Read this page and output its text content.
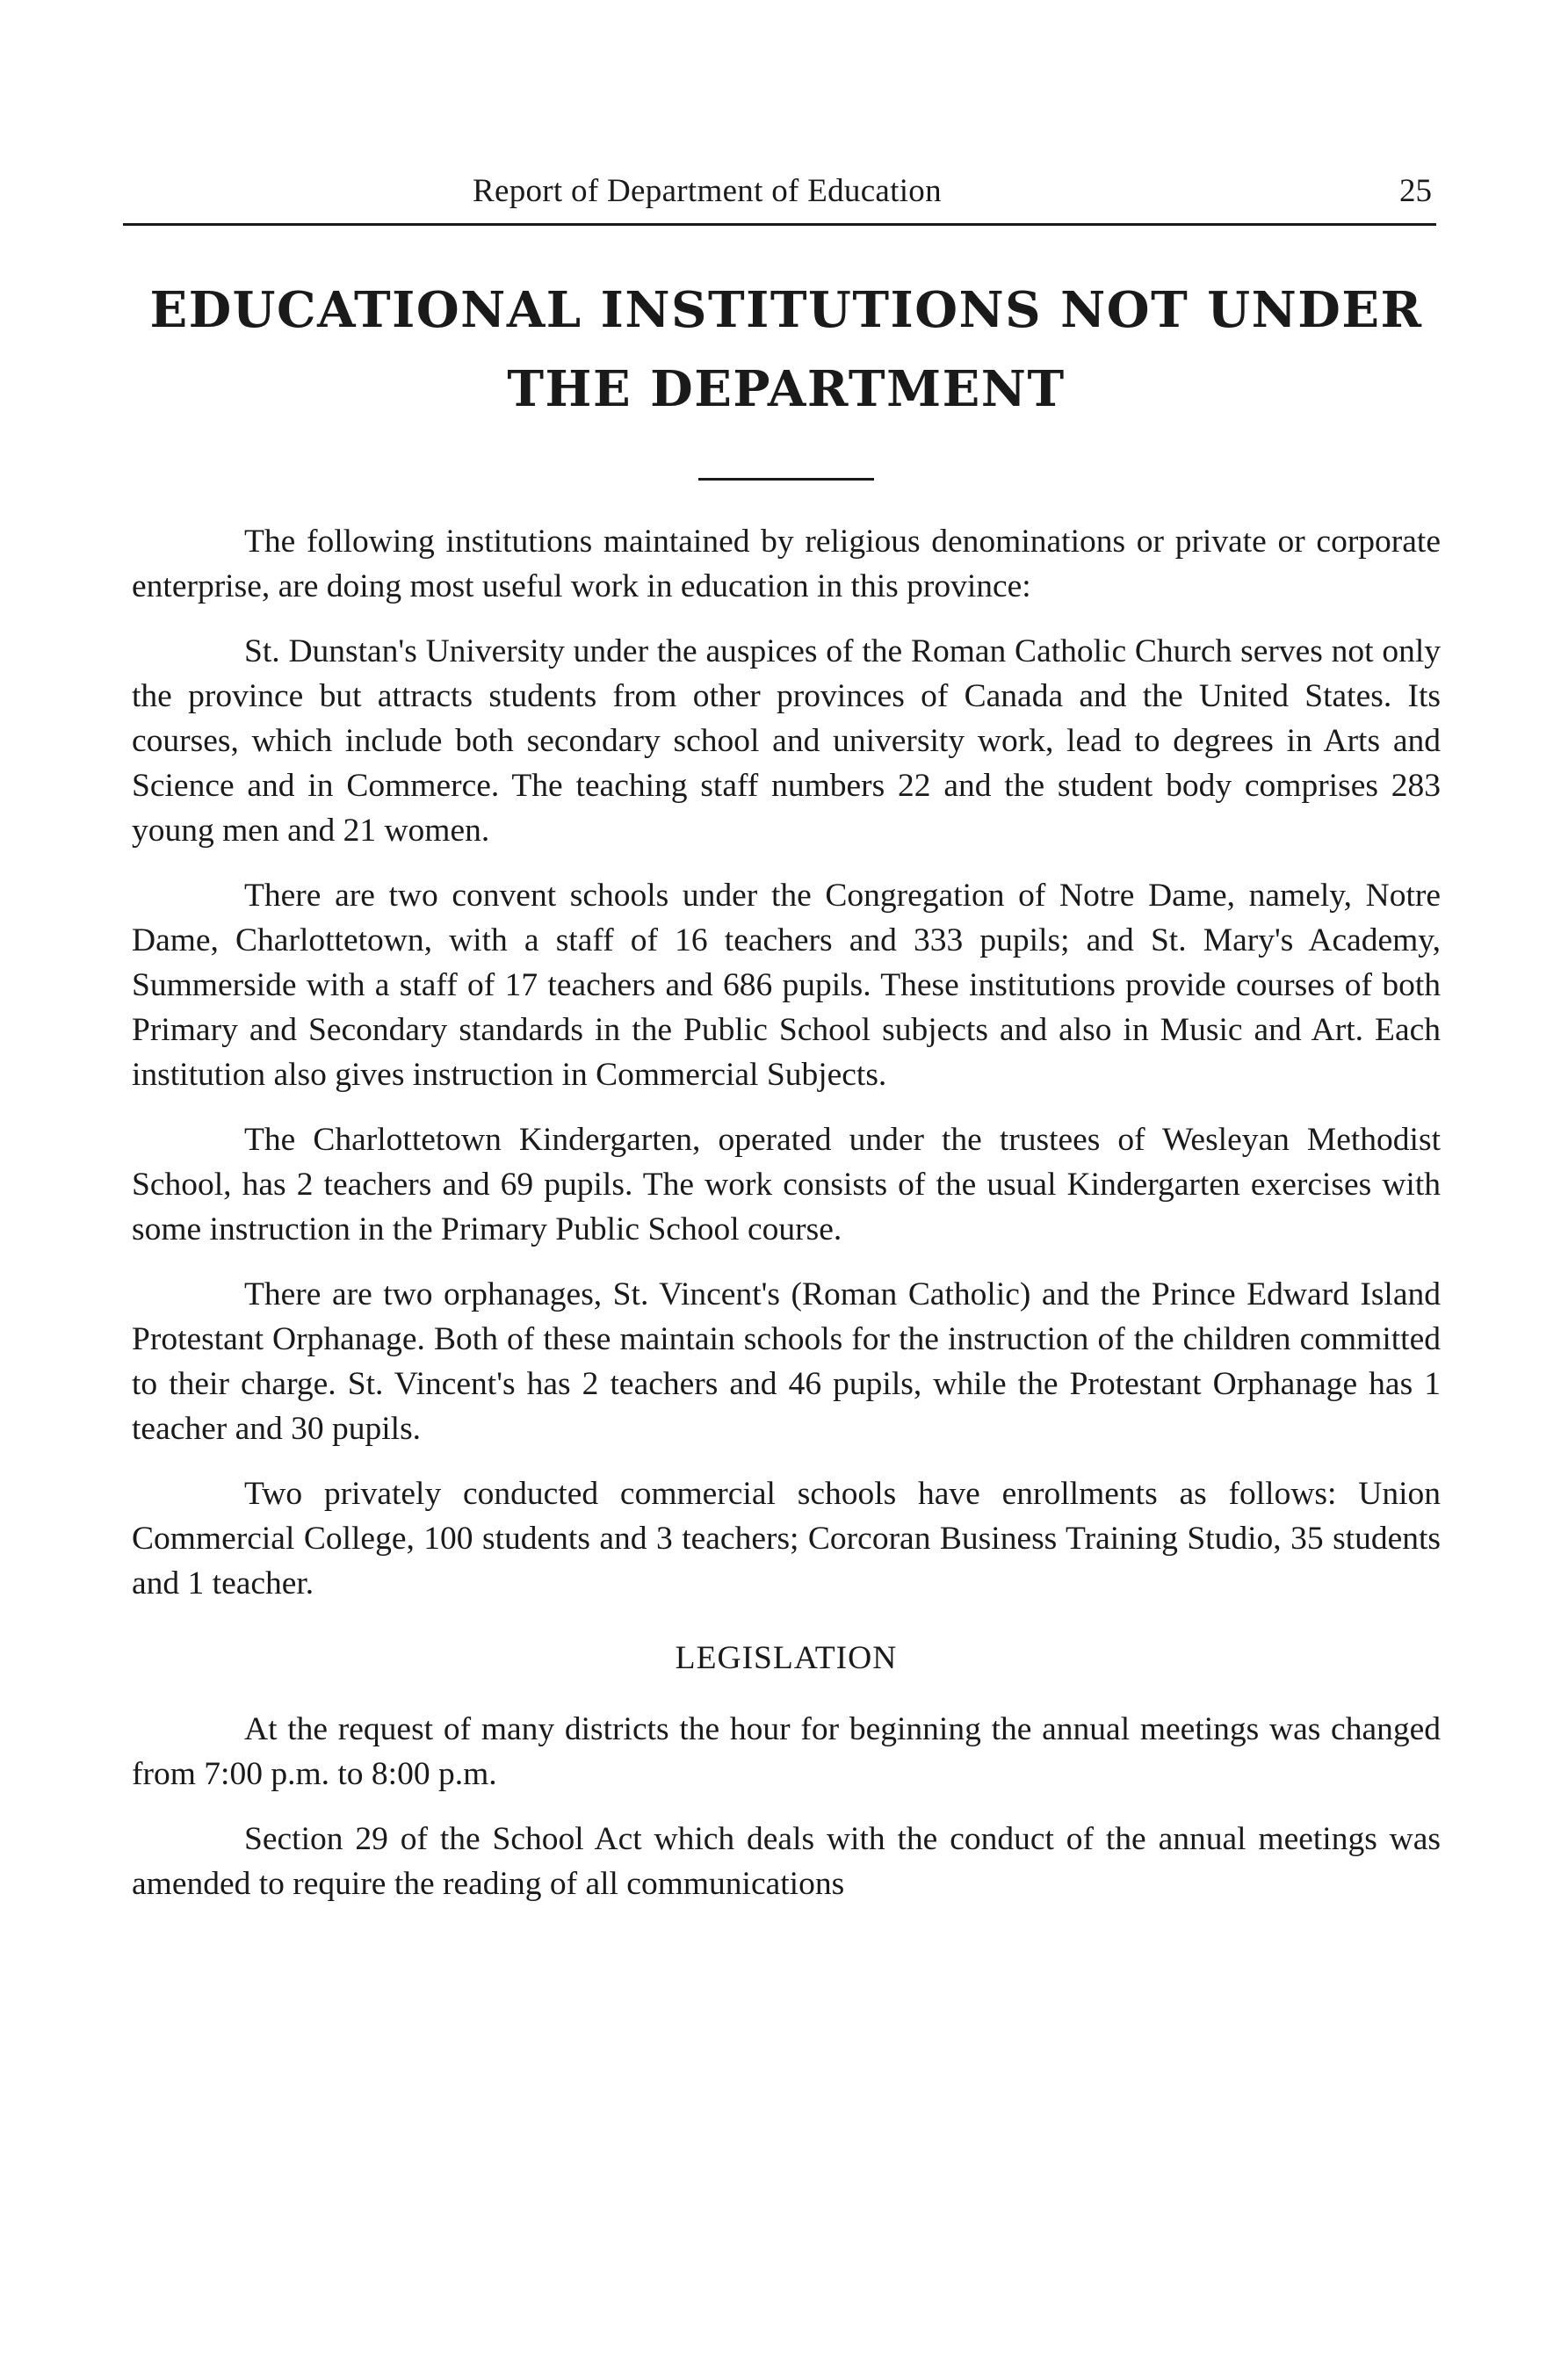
Report of Department of Education	25
EDUCATIONAL INSTITUTIONS NOT UNDER
THE DEPARTMENT

The following institutions maintained by religious denominations or private or corporate enterprise, are doing most useful work in education in this province:

St. Dunstan's University under the auspices of the Roman Catholic Church serves not only the province but attracts students from other provinces of Canada and the United States. Its courses, which include both secondary school and university work, lead to degrees in Arts and Science and in Commerce. The teaching staff numbers 22 and the student body comprises 283 young men and 21 women.

There are two convent schools under the Congregation of Notre Dame, namely, Notre Dame, Charlottetown, with a staff of 16 teachers and 333 pupils; and St. Mary's Academy, Summerside with a staff of 17 teachers and 686 pupils. These institutions provide courses of both Primary and Secondary standards in the Public School subjects and also in Music and Art. Each institution also gives instruction in Commercial Subjects.

The Charlottetown Kindergarten, operated under the trustees of Wesleyan Methodist School, has 2 teachers and 69 pupils. The work consists of the usual Kindergarten exercises with some instruction in the Primary Public School course.

There are two orphanages, St. Vincent's (Roman Catholic) and the Prince Edward Island Protestant Orphanage. Both of these maintain schools for the instruction of the children committed to their charge. St. Vincent's has 2 teachers and 46 pupils, while the Protestant Orphanage has 1 teacher and 30 pupils.

Two privately conducted commercial schools have enrollments as follows: Union Commercial College, 100 students and 3 teachers; Corcoran Business Training Studio, 35 students and 1 teacher.

LEGISLATION

At the request of many districts the hour for beginning the annual meetings was changed from 7:00 p.m. to 8:00 p.m.

Section 29 of the School Act which deals with the conduct of the annual meetings was amended to require the reading of all communications
